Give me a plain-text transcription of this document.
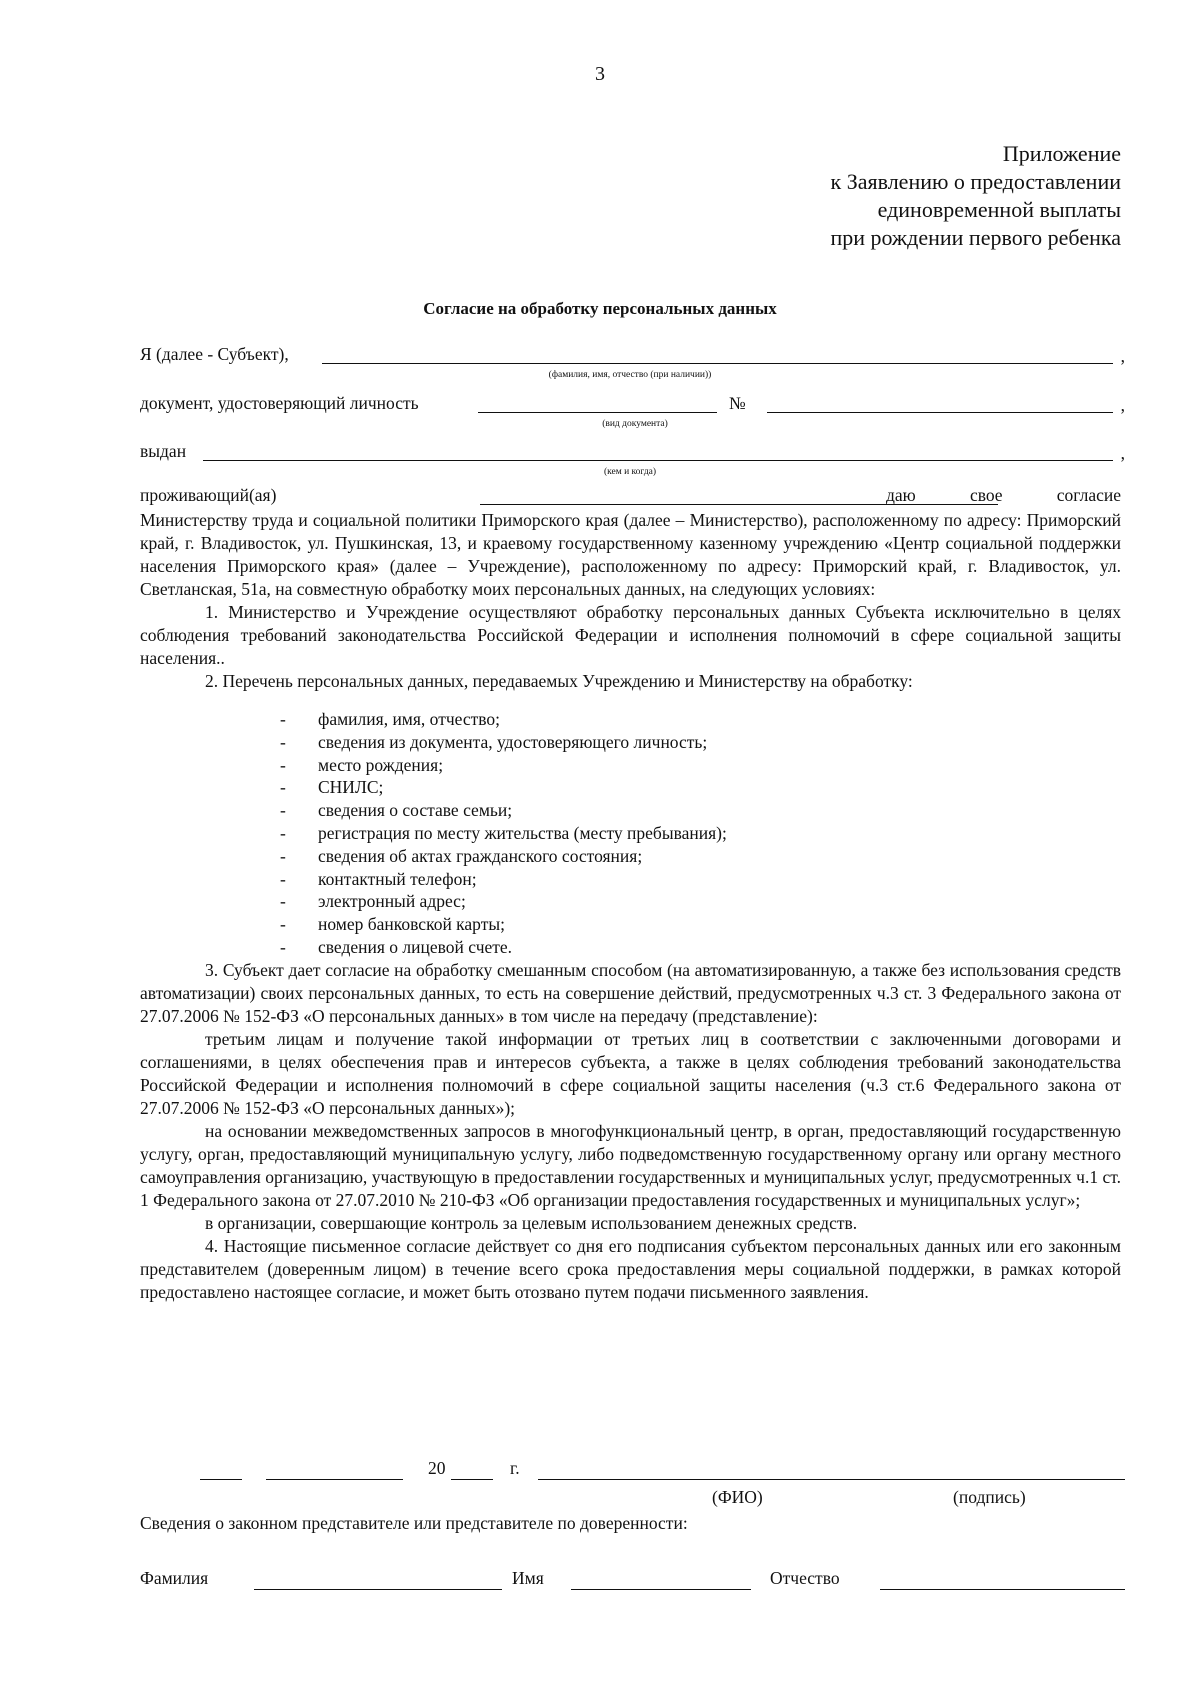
3
Приложение
к Заявлению о предоставлении
единовременной выплаты
при рождении первого ребенка
Согласие на обработку персональных данных
Я (далее - Субъект),	,
(фамилия, имя, отчество (при наличии))
документ, удостоверяющий личность	№	,
(вид документа)
выдан	,
(кем и когда)
проживающий(ая)	даю	свое	согласие

Министерству труда и социальной политики Приморского края (далее – Министерство), расположенному по адресу: Приморский край, г. Владивосток, ул. Пушкинская, 13, и краевому государственному казенному учреждению «Центр социальной поддержки населения Приморского края» (далее – Учреждение), расположенному по адресу: Приморский край, г. Владивосток, ул. Светланская, 51а, на совместную обработку моих персональных данных, на следующих условиях:

1. Министерство и Учреждение осуществляют обработку персональных данных Субъекта исключительно в целях соблюдения требований законодательства Российской Федерации и исполнения полномочий в сфере социальной защиты населения..

2. Перечень персональных данных, передаваемых Учреждению и Министерству на обработку:

- фамилия, имя, отчество;
- сведения из документа, удостоверяющего личность;
- место рождения;
- СНИЛС;
- сведения о составе семьи;
- регистрация по месту жительства (месту пребывания);
- сведения об актах гражданского состояния;
- контактный телефон;
- электронный адрес;
- номер банковской карты;
- сведения о лицевой счете.

3. Субъект дает согласие на обработку смешанным способом (на автоматизированную, а также без использования средств автоматизации) своих персональных данных, то есть на совершение действий, предусмотренных ч.3 ст. 3 Федерального закона от 27.07.2006 № 152-ФЗ «О персональных данных» в том числе на передачу (представление):

третьим лицам и получение такой информации от третьих лиц в соответствии с заключенными договорами и соглашениями, в целях обеспечения прав и интересов субъекта, а также в целях соблюдения требований законодательства Российской Федерации и исполнения полномочий в сфере социальной защиты населения (ч.3 ст.6 Федерального закона от 27.07.2006 № 152-ФЗ «О персональных данных»);

на основании межведомственных запросов в многофункциональный центр, в орган, предоставляющий государственную услугу, орган, предоставляющий муниципальную услугу, либо подведомственную государственному органу или органу местного самоуправления организацию, участвующую в предоставлении государственных и муниципальных услуг, предусмотренных ч.1 ст. 1 Федерального закона от 27.07.2010 № 210-ФЗ «Об организации предоставления государственных и муниципальных услуг»;

в организации, совершающие контроль за целевым использованием денежных средств.

4. Настоящие письменное согласие действует со дня его подписания субъектом персональных данных или его законным представителем (доверенным лицом) в течение всего срока предоставления меры социальной поддержки, в рамках которой предоставлено настоящее согласие, и может быть отозвано путем подачи письменного заявления.

20	г.
(ФИО)	(подпись)
Сведения о законном представителе или представителе по доверенности:
Фамилия	Имя	Отчество
